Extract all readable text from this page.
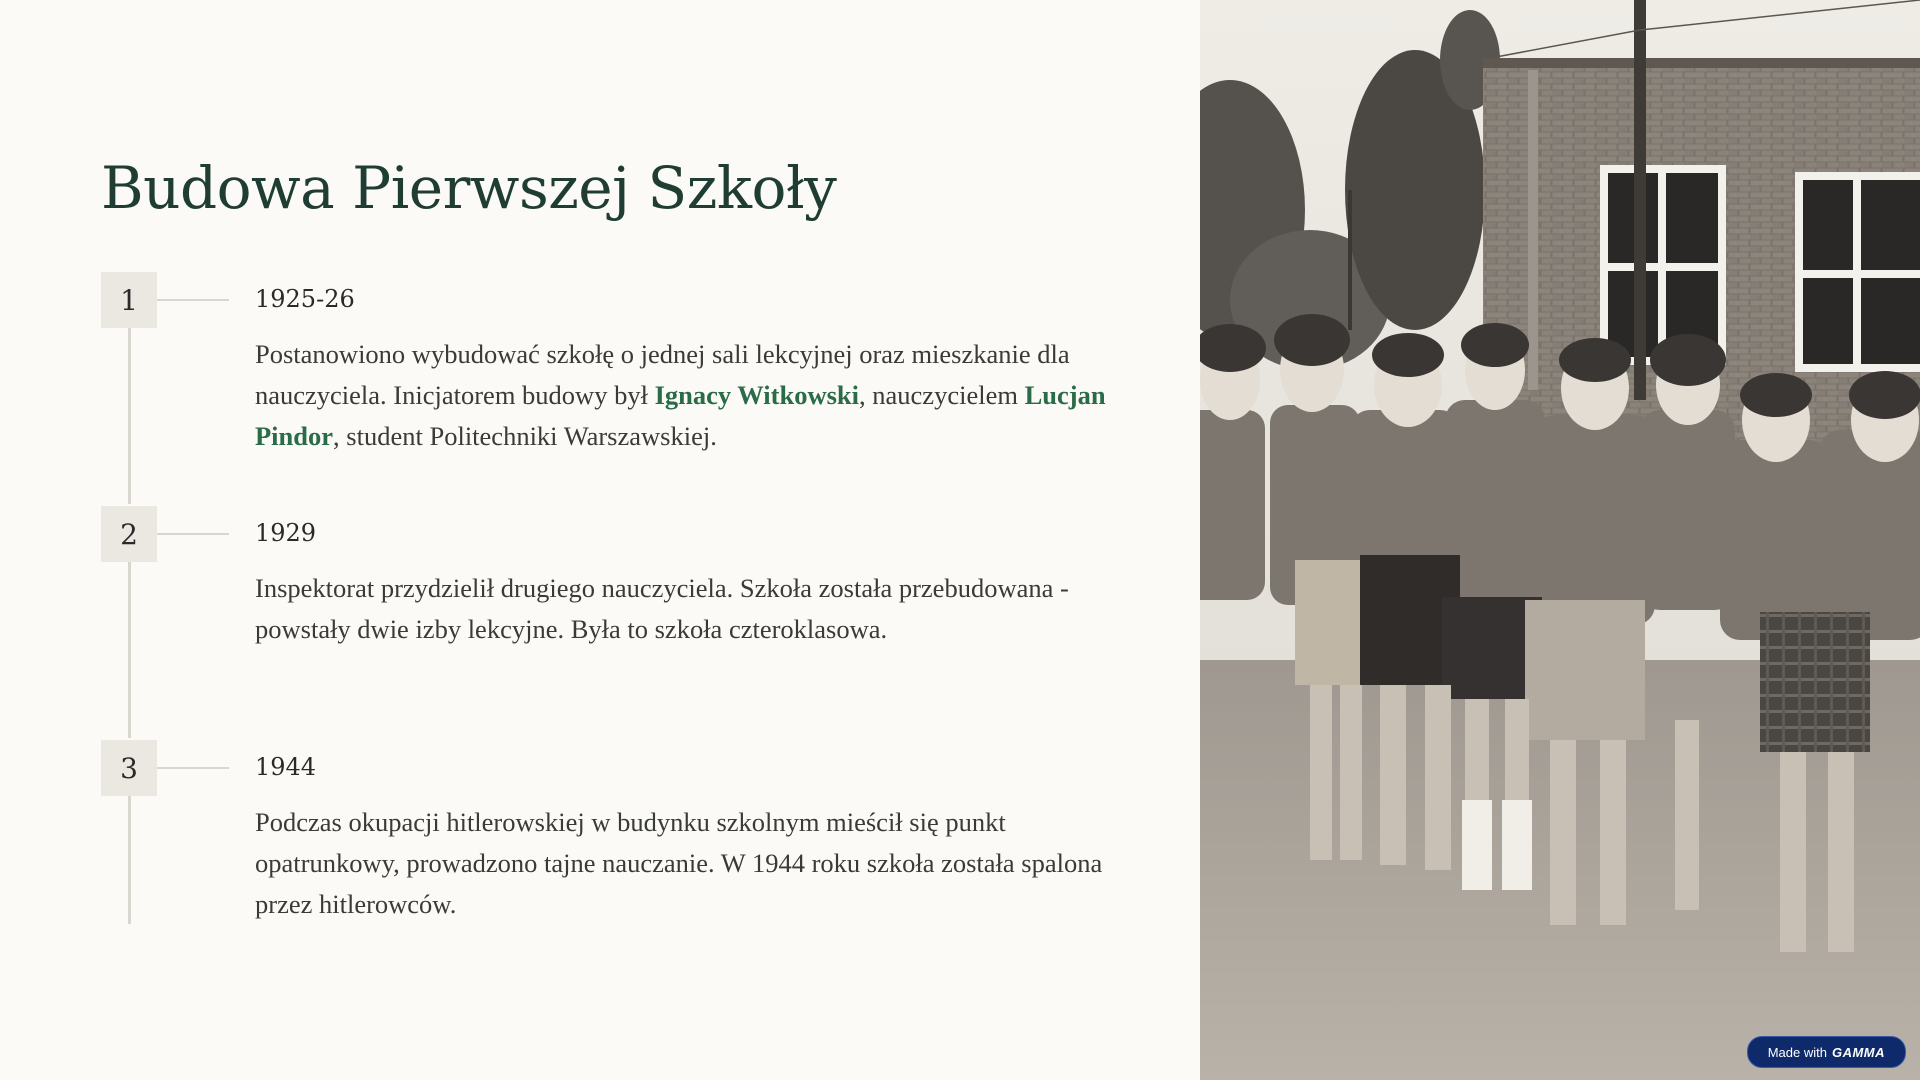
Budowa Pierwszej Szkoły
1	1925-26

Postanowiono wybudować szkołę o jednej sali lekcyjnej oraz mieszkanie dla nauczyciela. Inicjatorem budowy był Ignacy Witkowski, nauczycielem Lucjan Pindor, student Politechniki Warszawskiej.

2	1929

Inspektorat przydzielił drugiego nauczyciela. Szkoła została przebudowana - powstały dwie izby lekcyjne. Była to szkoła czteroklasowa.

3	1944

Podczas okupacji hitlerowskiej w budynku szkolnym mieścił się punkt opatrunkowy, prowadzono tajne nauczanie. W 1944 roku szkoła została spalona przez hitlerowców.

Made with GAMMA
